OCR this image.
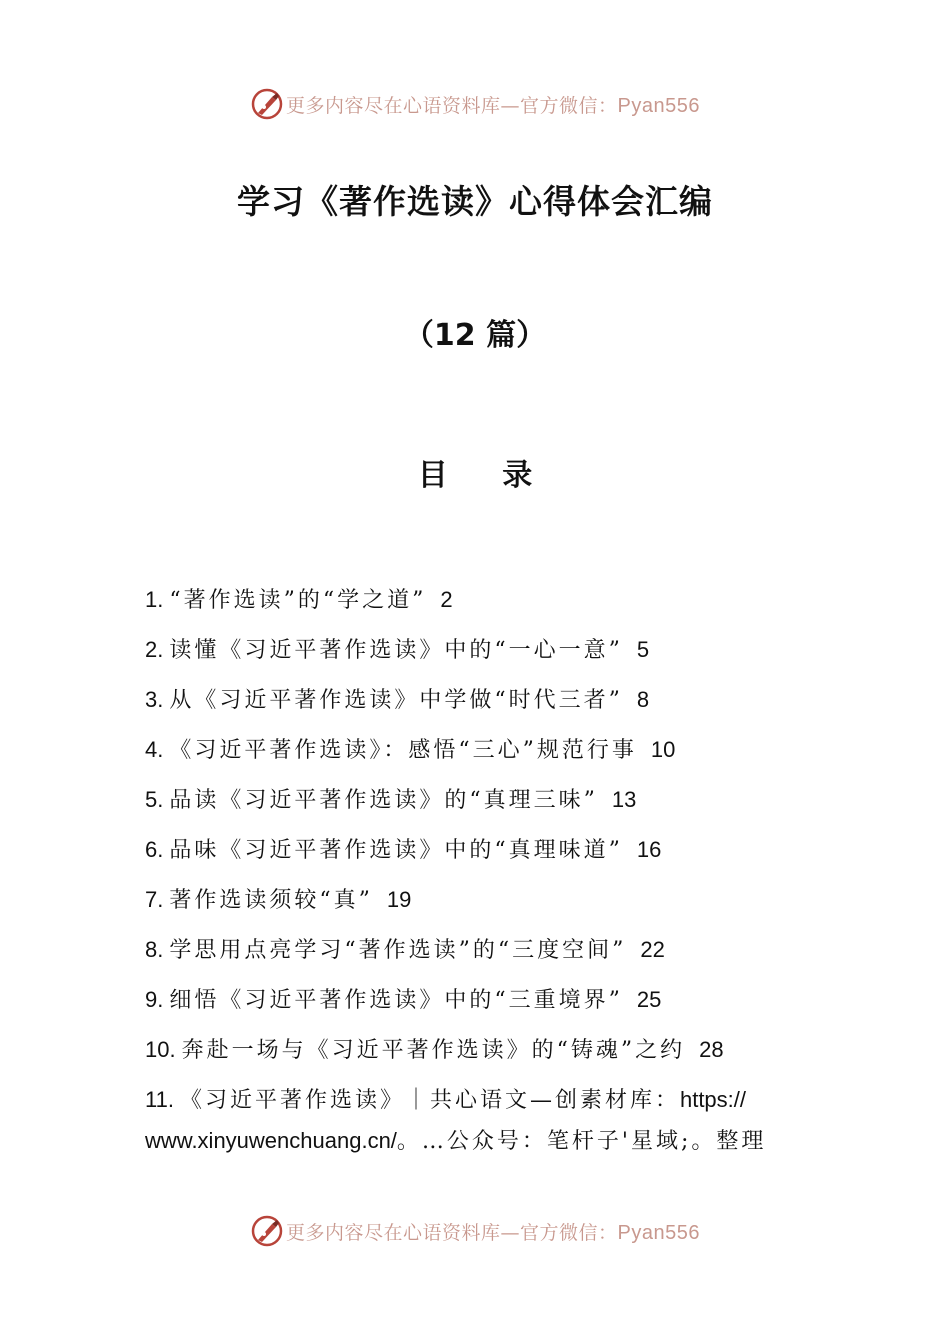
更多内容尽在心语资料库—官方微信：Pyan556
学习《著作选读》心得体会汇编
（12 篇）
目 录
1. “著作选读”的“学之道” 2
2. 读懂《习近平著作选读》中的“一心一意” 5
3. 从《习近平著作选读》中学做“时代三者” 8
4. 《习近平著作选读》：感悟“三心”规范行事 10
5. 品读《习近平著作选读》的“真理三味” 13
6. 品味《习近平著作选读》中的“真理味道” 16
7. 著作选读须较“真” 19
8. 学思用点亮学习“著作选读”的“三度空间” 22
9. 细悟《习近平著作选读》中的“三重境界” 25
10. 奔赴一场与《习近平著作选读》的“铸魂”之约 28
11. 《习近平著作选读》｜共心语文—创素材库：https://
www.xinyuwenchuang.cn/。…公众号：笔杆子'星域;。整理
更多内容尽在心语资料库—官方微信：Pyan556
